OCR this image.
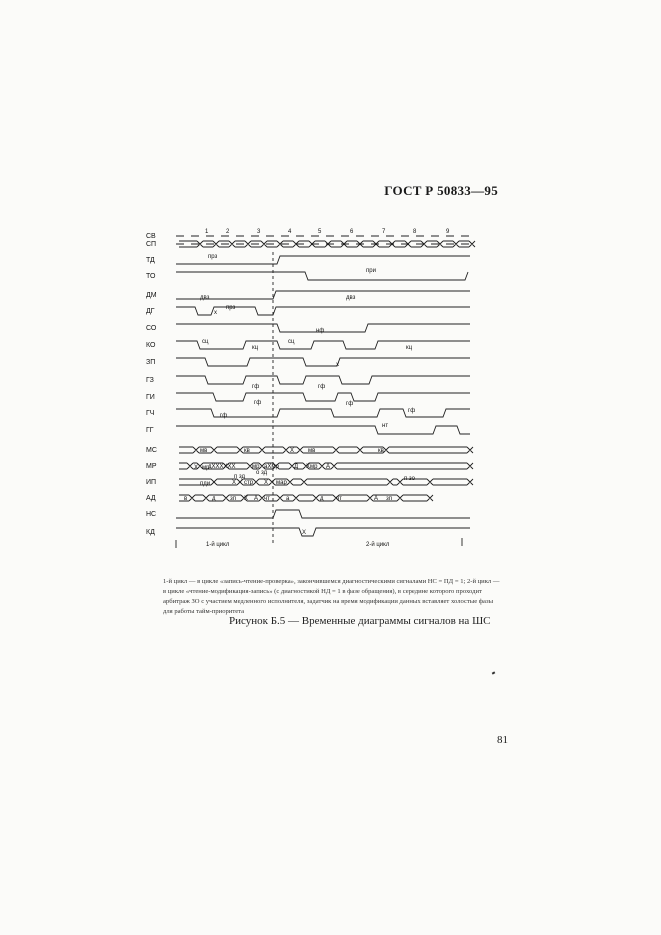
ГОСТ Р 50833—95
СВ
СП
ТД
ТО
ДМ
ДГ
СО
КО
ЗП
ГЗ
ГИ
ГЧ
ГГ
МС
МР
ИП
АД
НС
КД
1	2	3	4	5	6	7	8	9
прз
при
двз	двз
х
прз
нф
сц
кц
сц
кц
х
гф	гф
гф	гф
гф
гф
нт
мв	кв	Х мв	кв
Х мр
дХХХХХХ	мр аХмр	Д Хмр А
пди	Х стр Х мар
п зд
о зд
п зо
в	д зп Х А чт	а	д чт	А зп
Х
1-й цикл	2-й цикл

1-й цикл — в цикле «запись-чтение-проверка», закончившемся диагностическими сигналами НС = ПД = 1; 2-й цикл — в цикле «чтение-модификация-запись» (с диагностикой НД = 1 в фазе обращения), в середине которого проходит арбитраж ЗО с участием медленного исполнителя, задатчик на время модификации данных вставляет холостые фазы для работы тайм-приоритета

Рисунок Б.5 — Временные диаграммы сигналов на ШС
81
